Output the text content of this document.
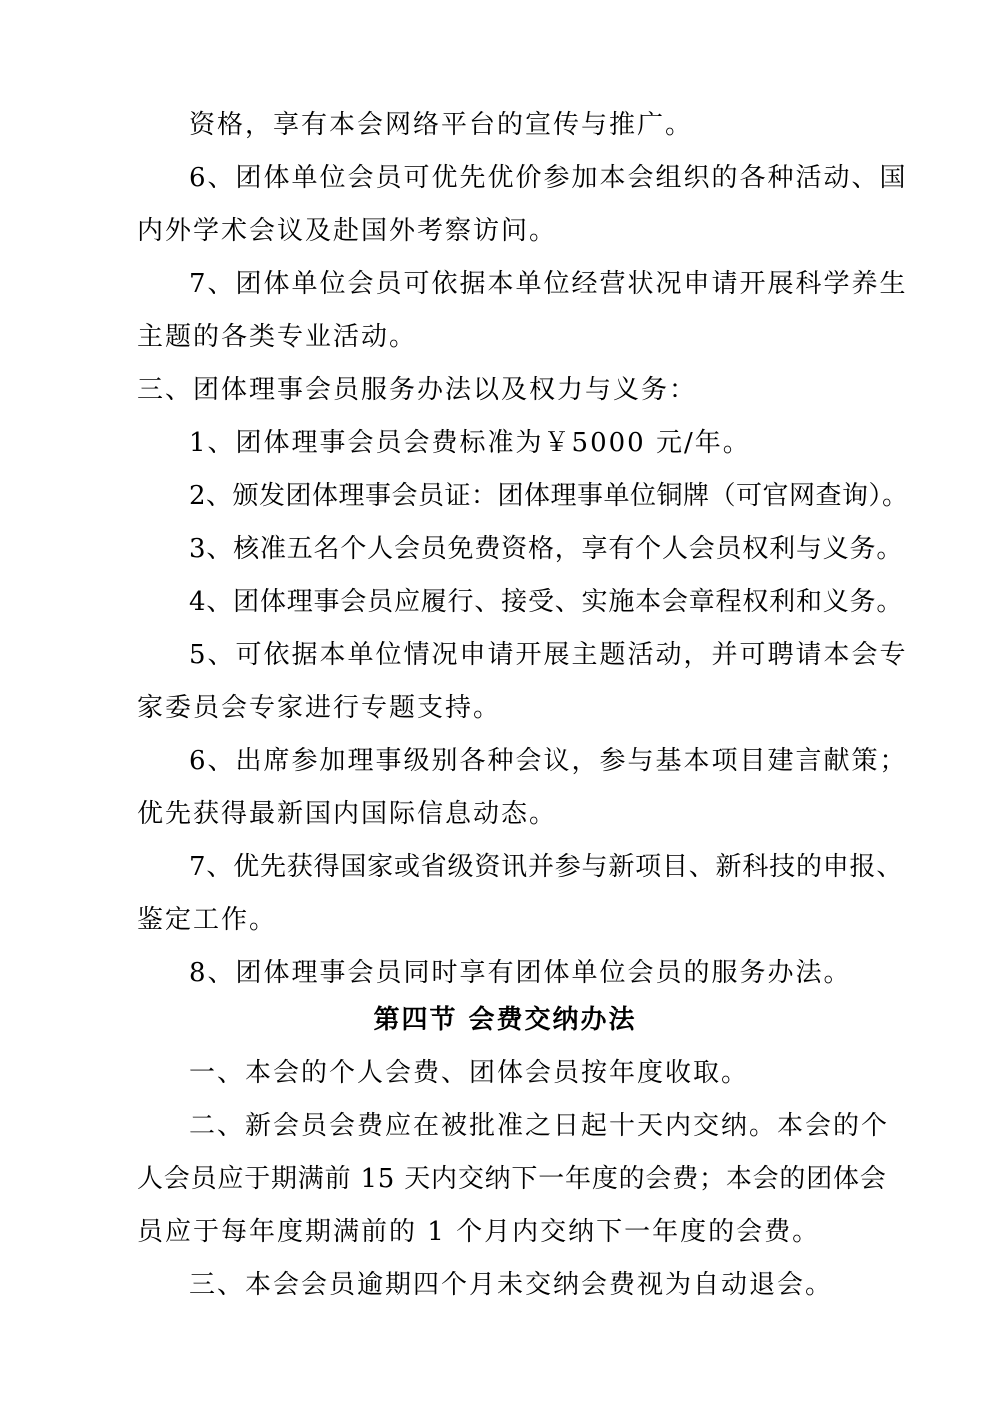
资格，享有本会网络平台的宣传与推广。
6、团体单位会员可优先优价参加本会组织的各种活动、国
内外学术会议及赴国外考察访问。
7、团体单位会员可依据本单位经营状况申请开展科学养生
主题的各类专业活动。
三、团体理事会员服务办法以及权力与义务：
1、团体理事会员会费标准为￥5000 元/年。
2、颁发团体理事会员证：团体理事单位铜牌（可官网查询）。
3、核准五名个人会员免费资格，享有个人会员权利与义务。
4、团体理事会员应履行、接受、实施本会章程权利和义务。
5、可依据本单位情况申请开展主题活动，并可聘请本会专
家委员会专家进行专题支持。
6、出席参加理事级别各种会议，参与基本项目建言献策；
优先获得最新国内国际信息动态。
7、优先获得国家或省级资讯并参与新项目、新科技的申报、
鉴定工作。
8、团体理事会员同时享有团体单位会员的服务办法。
第四节 会费交纳办法
一、本会的个人会费、团体会员按年度收取。
二、新会员会费应在被批准之日起十天内交纳。本会的个
人会员应于期满前 15 天内交纳下一年度的会费；本会的团体会
员应于每年度期满前的 1 个月内交纳下一年度的会费。
三、本会会员逾期四个月未交纳会费视为自动退会。
